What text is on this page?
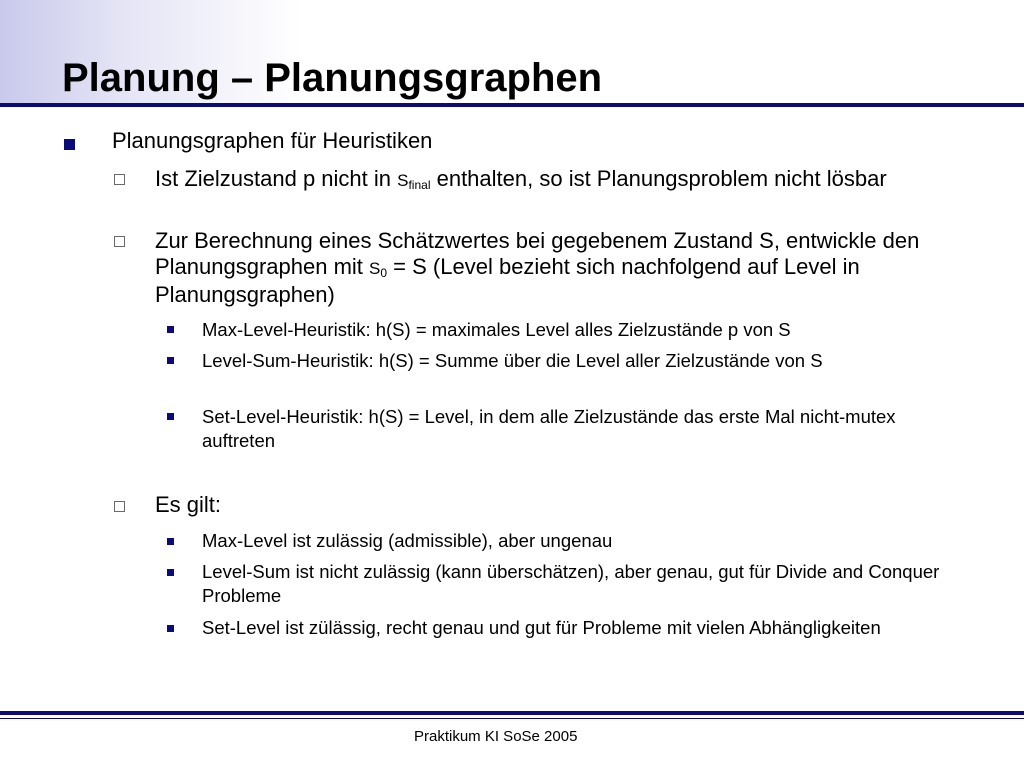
Planung – Planungsgraphen
Planungsgraphen für Heuristiken
Ist Zielzustand p nicht in $S_{final}$ enthalten, so ist Planungsproblem nicht lösbar
Zur Berechnung eines Schätzwertes bei gegebenem Zustand S, entwickle den Planungsgraphen mit $S_0 = S$ (Level bezieht sich nachfolgend auf Level in Planungsgraphen)
Max-Level-Heuristik: h(S) = maximales Level alles Zielzustände p von S
Level-Sum-Heuristik: h(S) = Summe über die Level aller Zielzustände von S
Set-Level-Heuristik: h(S) = Level, in dem alle Zielzustände das erste Mal nicht-mutex auftreten
Es gilt:
Max-Level ist zulässig (admissible), aber ungenau
Level-Sum ist nicht zulässig (kann überschätzen), aber genau, gut für Divide and Conquer Probleme
Set-Level ist zülässig, recht genau und gut für Probleme mit vielen Abhängligkeiten
Praktikum KI SoSe 2005
